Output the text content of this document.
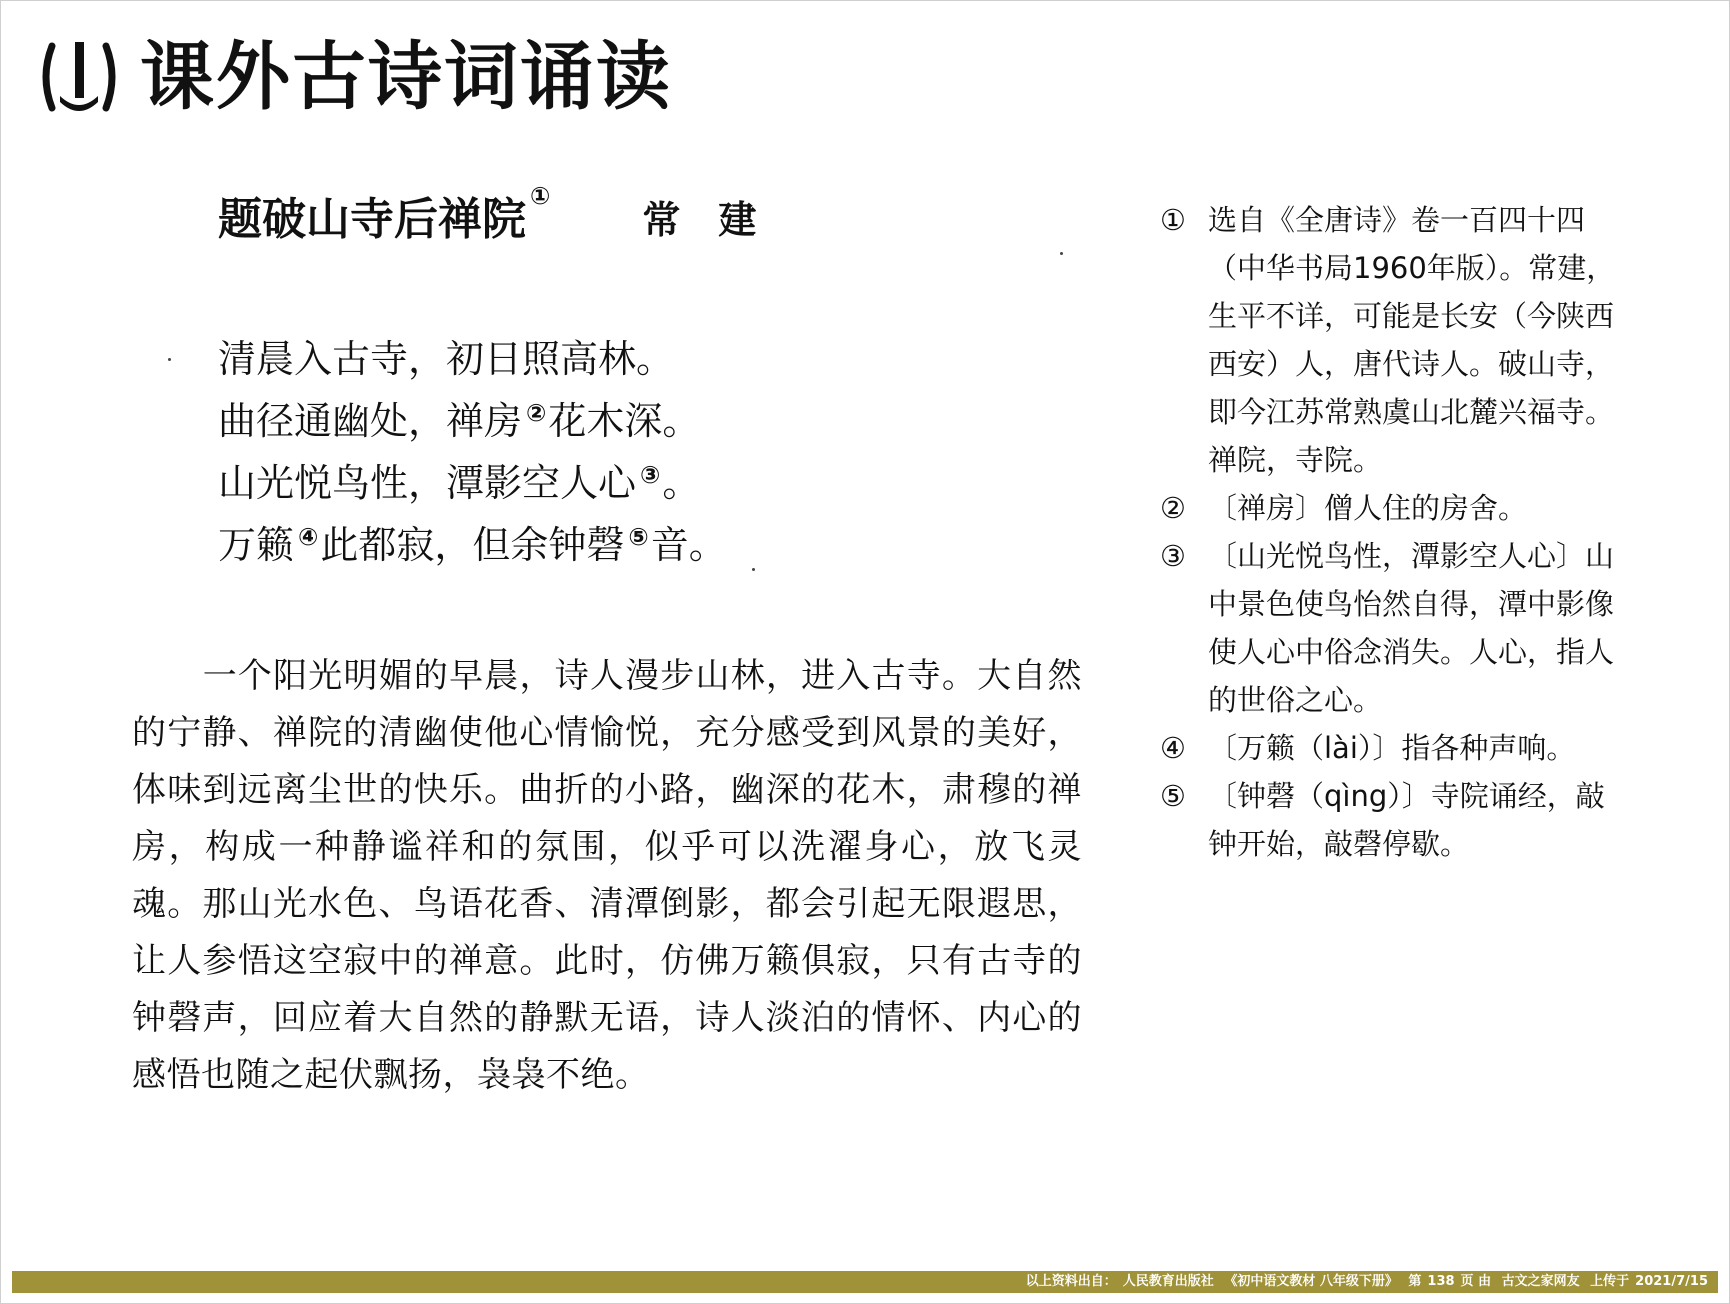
课外古诗词诵读
题破山寺后禅院 ①
常建
清晨入古寺，初日照高林。
曲径通幽处，禅房 ②花木深。
山光悦鸟性，潭影空人心 ③。
万籁 ④此都寂，但余钟磬 ⑤音。
一个阳光明媚的早晨，诗人漫步山林，进入古寺。大自然的宁静、禅院的清幽使他心情愉悦，充分感受到风景的美好，体味到远离尘世的快乐。曲折的小路，幽深的花木，肃穆的禅房，构成一种静谧祥和的氛围，似乎可以洗濯身心，放飞灵魂。那山光水色、鸟语花香、清潭倒影，都会引起无限遐思，让人参悟这空寂中的禅意。此时，仿佛万籁俱寂，只有古寺的钟磬声，回应着大自然的静默无语，诗人淡泊的情怀、内心的感悟也随之起伏飘扬，袅袅不绝。
① 选自《全唐诗》卷一百四十四（中华书局1960年版）。常建，生平不详，可能是长安（今陕西西安）人，唐代诗人。破山寺，即今江苏常熟虞山北麓兴福寺。禅院，寺院。
② 〔禅房〕僧人住的房舍。
③ 〔山光悦鸟性，潭影空人心〕山中景色使鸟怡然自得，潭中影像使人心中俗念消失。人心，指人的世俗之心。
④ 〔万籁（lài）〕指各种声响。
⑤ 〔钟磬（qìng）〕寺院诵经，敲钟开始，敲磬停歇。
以上资料出自： 人民教育出版社 《初中语文教材 八年级下册》 第 138 页 由 古文之家网友 上传于 2021/7/15
